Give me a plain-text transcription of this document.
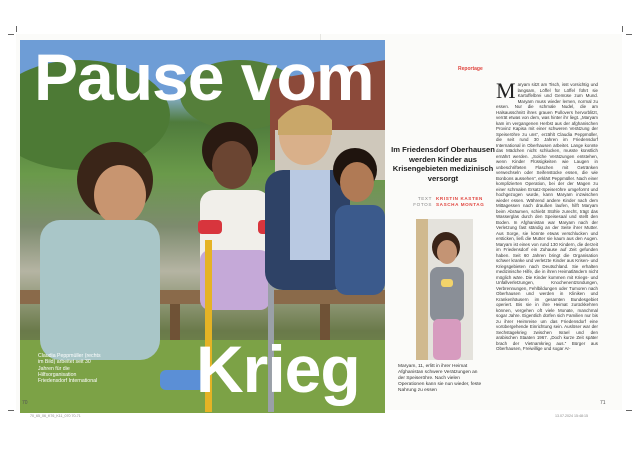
Pause vom
Krieg
Claudia Peppmüller (rechts im Bild) arbeitet seit 30 Jahren für die Hilfsorganisation Friedensdorf International
Im Friedensdorf Oberhausen werden Kinder aus Krisengebieten medizinisch versorgt
TEXT KRISTIN KASTEN
FOTOS SASCHA MONTAG
Reportage
Maryam sitzt am Tisch, isst vorsichtig und langsam, Löffel für Löffel führt sie Kartoffelbrei und Gemüse zum Mund. Maryam muss wieder lernen, normal zu essen. Nur die schmale Nudel, die am Halsausschnitt ihres grauen Pullovers hervorblitzt, verrät etwas von dem, was hinter ihr liegt. „Maryam kam im vergangenen Herbst aus der afghanischen Provinz Kapisa mit einer schweren Verätzung der Speiseröhre zu uns“, erzählt Claudia Peppmüller, die seit rund 30 Jahren im Friedensdorf International in Oberhausen arbeitet. Lange konnte das Mädchen nicht schlucken, musste künstlich ernährt werden. „Solche Verätzungen entstehen, wenn Kinder Flüssigkeiten wie Laugen in unbeschrifteten Flaschen mit Getränken verwechseln oder Seifenstücke essen, die wie Bonbons aussehen“, erklärt Peppmüller. Nach einer komplizierten Operation, bei der der Magen zu einer schmalen Ersatz-Speiseröhre umgeformt und hochgezogen wurde, kann Maryam inzwischen wieder essen. Während andere Kinder nach dem Mittagessen nach draußen laufen, hilft Maryam beim Abräumen, schiebt Stühle zurecht, trägt das Wasserglas durch den Speisesaal und stellt den Boden. In Afghanistan war Maryam nach der Verletzung fast ständig an der Seite ihrer Mutter. Aus Sorge, sie könnte etwas verschlucken und ersticken, ließ die Mutter sie kaum aus den Augen. Maryam ist eines von rund 130 Kindern, die derzeit im Friedensdorf ein Zuhause auf Zeit gefunden haben. Seit 60 Jahren bringt die Organisation schwer kranke und verletzte Kinder aus Krisen- und Kriegsgebieten nach Deutschland. Sie erhalten medizinische Hilfe, die in ihren Heimatländern nicht möglich wäre. Die Kinder kommen mit Kriegs- und Unfallverletzungen, Knochenentzündungen, Verbrennungen, Fehlbildungen oder Tumoren nach Oberhausen und werden in Kliniken und Krankenhäusern im gesamten Bundesgebiet operiert. Bis sie in ihre Heimat zurückkehren können, vergehen oft viele Monate, manchmal sogar Jahre. Eigentlich dürfen sich Familien nur bis zu ihrer Heimreise um das Friedensdorf eine vorübergehende Einrichtung sein. Auslöser war der Sechstagekrieg zwischen Israel und den arabischen Staaten 1967. „Doch kurze Zeit später brach der Vietnamkrieg aus.“ Bürger aus Oberhausen, Freiwillige und sogar Ar-
Maryam, 11, erlitt in ihrer Heimat Afghanistan schwere Verätzungen an der Speiseröhre. Nach vielen Operationen kann sie nun wieder, feste Nahrung zu essen
70	71
70_65_06_K76_K11_070 70-71	13.07.2024 15:48:15
